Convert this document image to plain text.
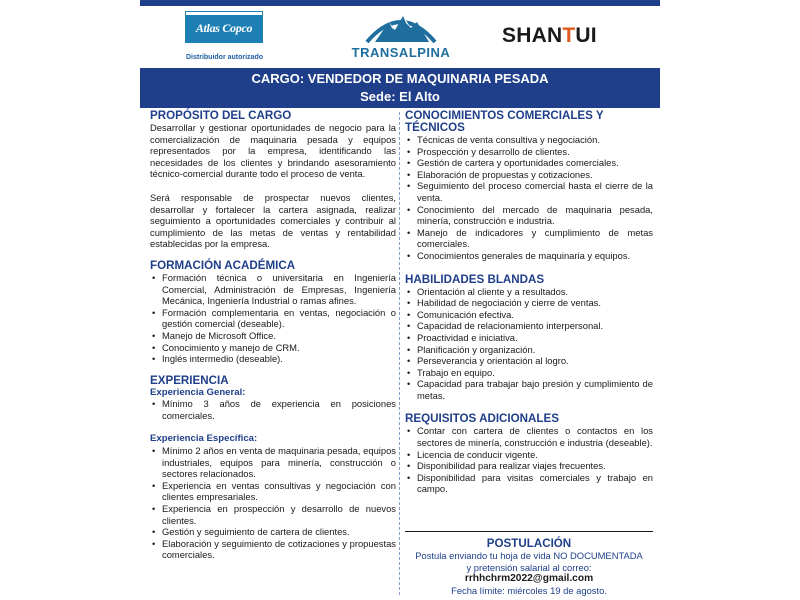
Atlas Copco
Distribuidor autorizado	TRANSALPINA
SHANTUI
CARGO: VENDEDOR DE MAQUINARIA PESADA
Sede: El Alto
PROPÓSITO DEL CARGO

Desarrollar y gestionar oportunidades de negocio para la comercialización de maquinaria pesada y equipos representados por la empresa, identificando las necesidades de los clientes y brindando asesoramiento técnico-comercial durante todo el proceso de venta.

Será responsable de prospectar nuevos clientes, desarrollar y fortalecer la cartera asignada, realizar seguimiento a oportunidades comerciales y contribuir al cumplimiento de las metas de ventas y rentabilidad establecidas por la empresa.

FORMACIÓN ACADÉMICA
• Formación técnica o universitaria en Ingeniería Comercial, Administración de Empresas, Ingeniería Mecánica, Ingeniería Industrial o ramas afines.
• Formación complementaria en ventas, negociación o gestión comercial (deseable).
• Manejo de Microsoft Office.
• Conocimiento y manejo de CRM.
• Inglés intermedio (deseable).
EXPERIENCIA
Experiencia General:
• Mínimo 3 años de experiencia en posiciones comerciales.
Experiencia Específica:
• Mínimo 2 años en venta de maquinaria pesada, equipos industriales, equipos para minería, construcción o sectores relacionados.
• Experiencia en ventas consultivas y negociación con clientes empresariales.
• Experiencia en prospección y desarrollo de nuevos clientes.
• Gestión y seguimiento de cartera de clientes.
• Elaboración y seguimiento de cotizaciones y propuestas comerciales.
CONOCIMIENTOS COMERCIALES Y TÉCNICOS
• Técnicas de venta consultiva y negociación.
• Prospección y desarrollo de clientes.
• Gestión de cartera y oportunidades comerciales.
• Elaboración de propuestas y cotizaciones.
• Seguimiento del proceso comercial hasta el cierre de la venta.
• Conocimiento del mercado de maquinaria pesada, minería, construcción e industria.
• Manejo de indicadores y cumplimiento de metas comerciales.
• Conocimientos generales de maquinaria y equipos.
HABILIDADES BLANDAS
• Orientación al cliente y a resultados.
• Habilidad de negociación y cierre de ventas.
• Comunicación efectiva.
• Capacidad de relacionamiento interpersonal.
• Proactividad e iniciativa.
• Planificación y organización.
• Perseverancia y orientación al logro.
• Trabajo en equipo.
• Capacidad para trabajar bajo presión y cumplimiento de metas.
REQUISITOS ADICIONALES
• Contar con cartera de clientes o contactos en los sectores de minería, construcción e industria (deseable).
• Licencia de conducir vigente.
• Disponibilidad para realizar viajes frecuentes.
• Disponibilidad para visitas comerciales y trabajo en campo.
POSTULACIÓN
Postula enviando tu hoja de vida NO DOCUMENTADA
y pretensión salarial al correo:
rrhhchrm2022@gmail.com
Fecha límite: miércoles 19 de agosto.
